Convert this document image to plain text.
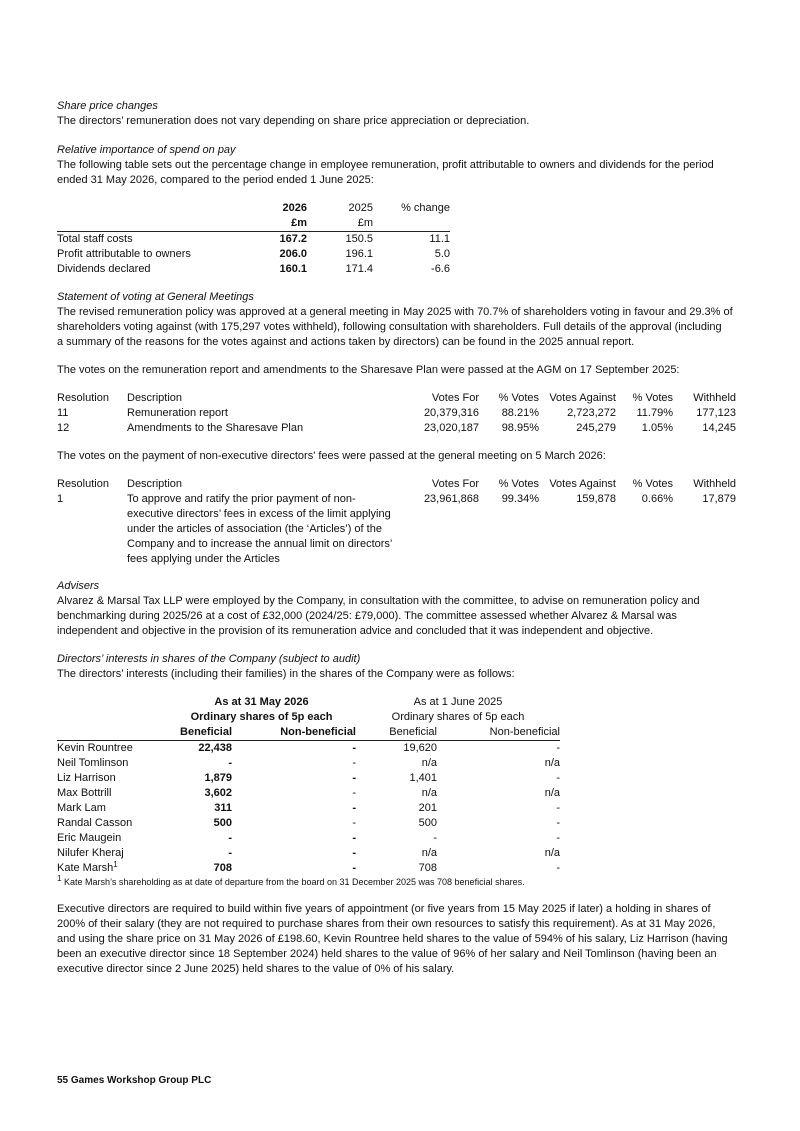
Share price changes

The directors’ remuneration does not vary depending on share price appreciation or depreciation.

Relative importance of spend on pay

The following table sets out the percentage change in employee remuneration, profit attributable to owners and dividends for the period

ended 31 May 2026, compared to the period ended 1 June 2025:

	2026	2025	% change
	£m	£m	
Total staff costs	167.2	150.5	11.1
Profit attributable to owners	206.0	196.1	5.0
Dividends declared	160.1	171.4	-6.6

Statement of voting at General Meetings

The revised remuneration policy was approved at a general meeting in May 2025 with 70.7% of shareholders voting in favour and 29.3% of

shareholders voting against (with 175,297 votes withheld), following consultation with shareholders. Full details of the approval (including

a summary of the reasons for the votes against and actions taken by directors) can be found in the 2025 annual report.

The votes on the remuneration report and amendments to the Sharesave Plan were passed at the AGM on 17 September 2025:

Resolution	Description	Votes For	% Votes	Votes Against	% Votes	Withheld
11	Remuneration report	20,379,316	88.21%	2,723,272	11.79%	177,123
12	Amendments to the Sharesave Plan	23,020,187	98.95%	245,279	1.05%	14,245

The votes on the payment of non-executive directors' fees were passed at the general meeting on 5 March 2026:

Resolution	Description	Votes For	% Votes	Votes Against	% Votes	Withheld
1	To approve and ratify the prior payment of non-
executive directors’ fees in excess of the limit applying
under the articles of association (the ‘Articles’) of the
Company and to increase the annual limit on directors’
fees applying under the Articles	23,961,868	99.34%	159,878	0.66%	17,879

Advisers

Alvarez & Marsal Tax LLP were employed by the Company, in consultation with the committee, to advise on remuneration policy and

benchmarking during 2025/26 at a cost of £32,000 (2024/25: £79,000). The committee assessed whether Alvarez & Marsal was

independent and objective in the provision of its remuneration advice and concluded that it was independent and objective.

Directors’ interests in shares of the Company (subject to audit)

The directors’ interests (including their families) in the shares of the Company were as follows:

	As at 31 May 2026		As at 1 June 2025	
	Ordinary shares of 5p each		Ordinary shares of 5p each	
	Beneficial	Non-beneficial	Beneficial	Non-beneficial
Kevin Rountree	22,438	-	19,620	-
Neil Tomlinson	-	-	n/a	n/a
Liz Harrison	1,879	-	1,401	-
Max Bottrill	3,602	-	n/a	n/a
Mark Lam	311	-	201	-
Randal Casson	500	-	500	-
Eric Maugein	-	-	-	-
Nilufer Kheraj	-	-	n/a	n/a
Kate Marsh$^1$	708	-	708	-

$^1$ Kate Marsh’s shareholding as at date of departure from the board on 31 December 2025 was 708 beneficial shares.

Executive directors are required to build within five years of appointment (or five years from 15 May 2025 if later) a holding in shares of

200% of their salary (they are not required to purchase shares from their own resources to satisfy this requirement). As at 31 May 2026,

and using the share price on 31 May 2026 of £198.60, Kevin Rountree held shares to the value of 594% of his salary, Liz Harrison (having

been an executive director since 18 September 2024) held shares to the value of 96% of her salary and Neil Tomlinson (having been an

executive director since 2 June 2025) held shares to the value of 0% of his salary.

55 Games Workshop Group PLC
